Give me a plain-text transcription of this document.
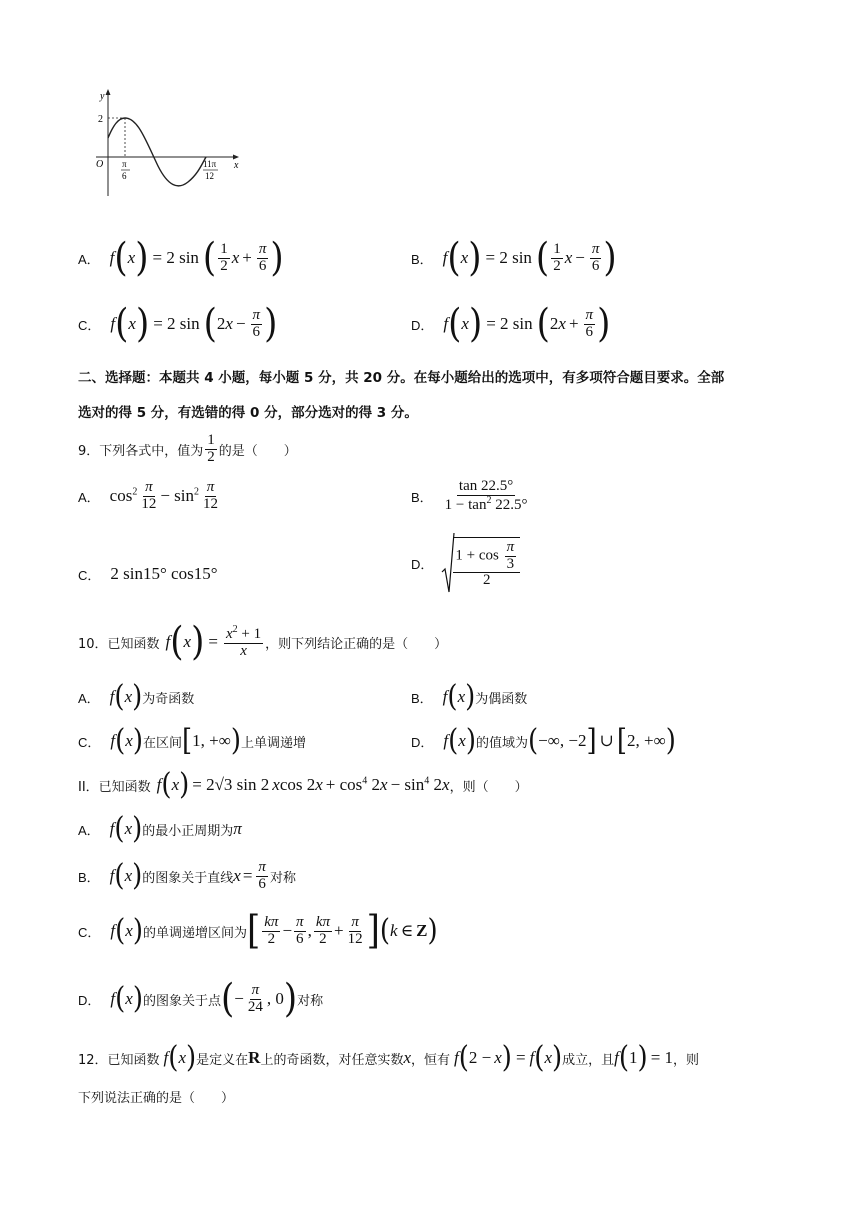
y
x
O
2
π
6
11π
12
A． f ( x ) = 2 sin ( $\frac{1}{2}$ $x + \frac{\pi}{6}$ )	B． f ( x ) = 2 sin ( $\frac{1}{2}$ $x - \frac{\pi}{6}$ )
C． f ( x ) = 2 sin ( 2 $x - \frac{\pi}{6}$ )	D． f ( x ) = 2 sin ( 2 $x + \frac{\pi}{6}$ )
二、选择题：本题共 4 小题，每小题 5 分，共 20 分。在每小题给出的选项中，有多项符合题目要求。全部
选对的得 5 分，有选错的得 0 分，部分选对的得 3 分。
9．下列各式中，值为 $\frac{1}{2}$ 的是（　　）
A． $\cos^2 \frac{\pi}{12} - \sin^2 \frac{\pi}{12}$	B． $\frac{\tan 22.5^\circ}{1 - \tan^2 22.5^\circ}$
C． 2 sin15° cos15°	D． $\frac{1 + \cos \frac{\pi}{3}}{2}$
10．已知函数 f ( x ) = $\frac{x^2 + 1}{x}$ ，则下列结论正确的是（　　）
A． f ( x ) 为奇函数	B． f ( x ) 为偶函数
C． f ( x ) 在区间 [ 1, +∞ ) 上单调递增	D． f ( x ) 的值域为 ( −∞, −2 ] ∪ [ 2, +∞ )
II．已知函数 f ( x ) = 2√3 sin 2 x cos 2 $x + \cos^4 2$ $x - \sin^4 2$ x ，则（　　）
A． f ( x ) 的最小正周期为 π
B． f ( x ) 的图象关于直线 $x = \frac{\pi}{6}$ 对称
C． f ( x ) 的单调递增区间为 [ $\frac{k\pi}{2} - \frac{\pi}{6}$ , $\frac{k\pi}{2} + \frac{\pi}{12}$ ] ( k ∈ Z )
D． f ( x ) 的图象关于点 ( − $\frac{\pi}{24}$ , 0 ) 对称
12．已知函数 f ( x ) 是定义在 R 上的奇函数，对任意实数 x ，恒有 f ( 2 − x ) = f ( x ) 成立，且 f ( 1 ) = 1 ，则
下列说法正确的是（　　）
